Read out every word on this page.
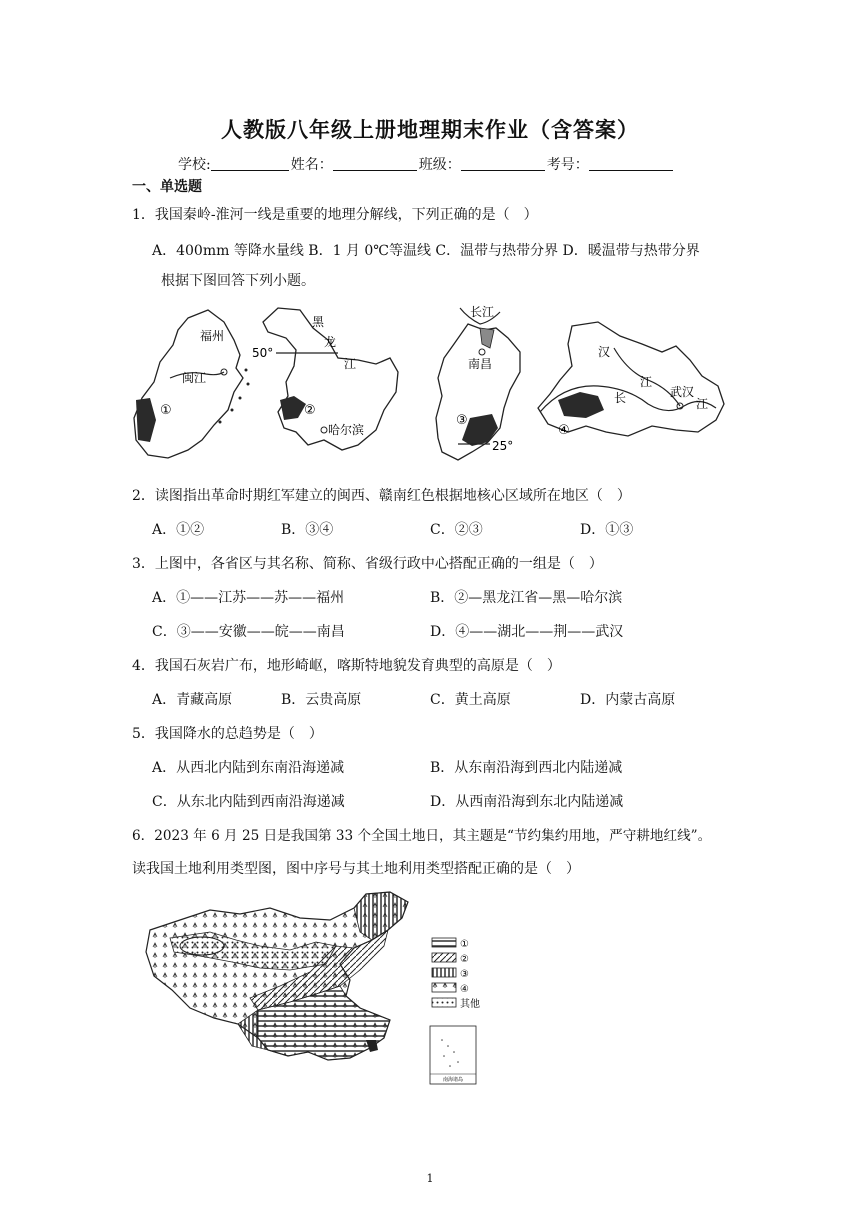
人教版八年级上册地理期末作业（含答案）
学校:	姓名：	班级：	考号：
一、单选题
1．我国秦岭-淮河一线是重要的地理分解线，下列正确的是（　）
A．400mm 等降水量线 B．1 月 0℃等温线 C．温带与热带分界 D．暖温带与热带分界
根据下图回答下列小题。
福州
闽江
①
50°
黑
龙
江
哈尔滨
②
长江
南昌
25°
③
汉
江
长	江
武汉
④
2．读图指出革命时期红军建立的闽西、赣南红色根据地核心区域所在地区（　）
A．①②	B．③④	C．②③	D．①③
3．上图中，各省区与其名称、简称、省级行政中心搭配正确的一组是（　）
A．①——江苏——苏——福州	B．②—黑龙江省—黑—哈尔滨
C．③——安徽——皖——南昌	D．④——湖北——荆——武汉
4．我国石灰岩广布，地形崎岖，喀斯特地貌发育典型的高原是（　）
A．青藏高原	B．云贵高原	C．黄土高原	D．内蒙古高原
5．我国降水的总趋势是（　）
A．从西北内陆到东南沿海递减	B．从东南沿海到西北内陆递减
C．从东北内陆到西南沿海递减	D．从西南沿海到东北内陆递减
6．2023 年 6 月 25 日是我国第 33 个全国土地日，其主题是“节约集约用地，严守耕地红线”。
读我国土地利用类型图，图中序号与其土地利用类型搭配正确的是（　）
①
②
③
④
其他
南海诸岛
1
